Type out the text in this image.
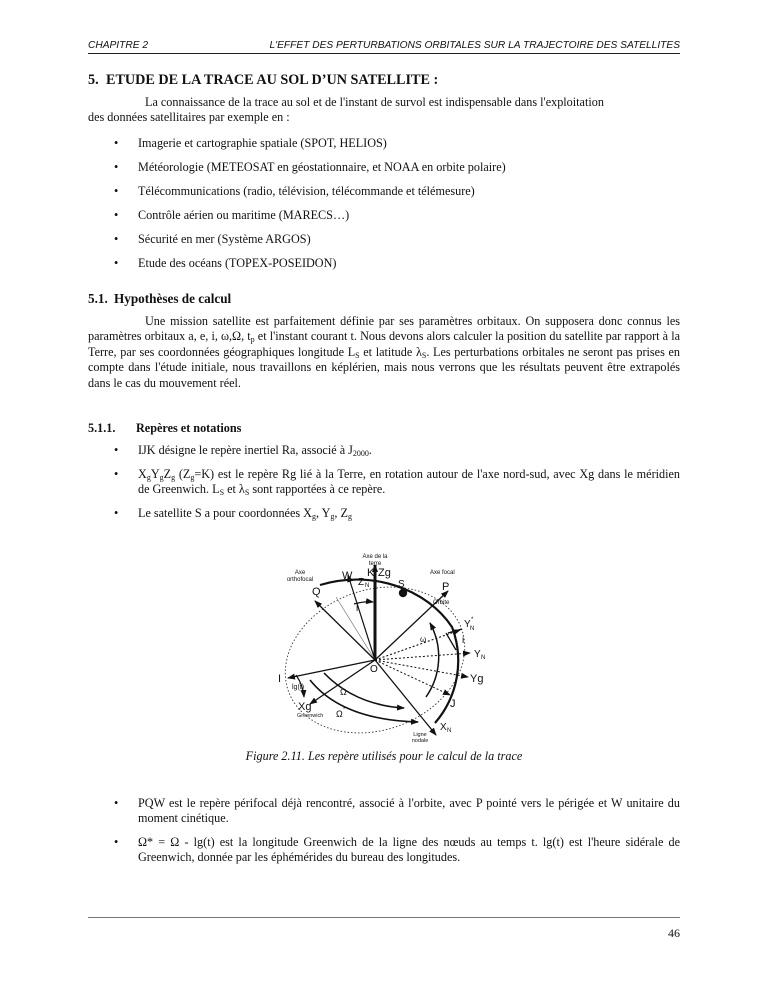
CHAPITRE 2	L'EFFET DES PERTURBATIONS ORBITALES SUR LA TRAJECTOIRE DES SATELLITES
5. ETUDE DE LA TRACE AU SOL D’UN SATELLITE :
La connaissance de la trace au sol et de l'instant de survol est indispensable dans l'exploitation
des données satellitaires par exemple en :
• Imagerie et cartographie spatiale (SPOT, HELIOS)
• Météorologie (METEOSAT en géostationnaire, et NOAA en orbite polaire)
• Télécommunications (radio, télévision, télécommande et télémesure)
• Contrôle aérien ou maritime (MARECS…)
• Sécurité en mer (Système ARGOS)
• Etude des océans (TOPEX-POSEIDON)
5.1. Hypothèses de calcul
Une mission satellite est parfaitement définie par ses paramètres orbitaux. On supposera donc connus les paramètres orbitaux a, e, i, ω,Ω, $t_p$ et l'instant courant t. Nous devons alors calculer la position du satellite par rapport à la Terre, par ses coordonnées géographiques longitude $L_S$ et latitude $\lambda_S$. Les perturbations orbitales ne seront pas prises en compte dans l'étude initiale, nous travaillons en képlérien, mais nous verrons que les résultats peuvent être extrapolés dans le cas du mouvement réel.
5.1.1. Repères et notations
• IJK désigne le repère inertiel Ra, associé à $J_{2000}$.
• $X_gY_gZ_g$ $(Z_g=K)$ est le repère Rg lié à la Terre, en rotation autour de l'axe nord-sud, avec Xg dans le méridien de Greenwich. $L_S$ et $\lambda_S$ sont rapportées à ce repère.
• Le satellite S a pour coordonnées $X_g$, $Y_g$, $Z_g$
Figure 2.11. Les repère utilisés pour le calcul de la trace
• PQW est le repère périfocal déjà rencontré, associé à l'orbite, avec P pointé vers le périgée et W unitaire du moment cinétique.
• Ω* = Ω - lg(t) est la longitude Greenwich de la ligne des nœuds au temps t. lg(t) est l'heure sidérale de Greenwich, donnée par les éphémérides du bureau des longitudes.
46
Axe de la
terre
K Zg
Z N
W
Axe
orthofocal
Q
S
Axe focal
P
Orbite
Y N
*
i
i
ω
Y N
O
I
lg(t)	Ω
Yg
J
Xg
Greenwich Ω *
X N
Ligne
nodale
